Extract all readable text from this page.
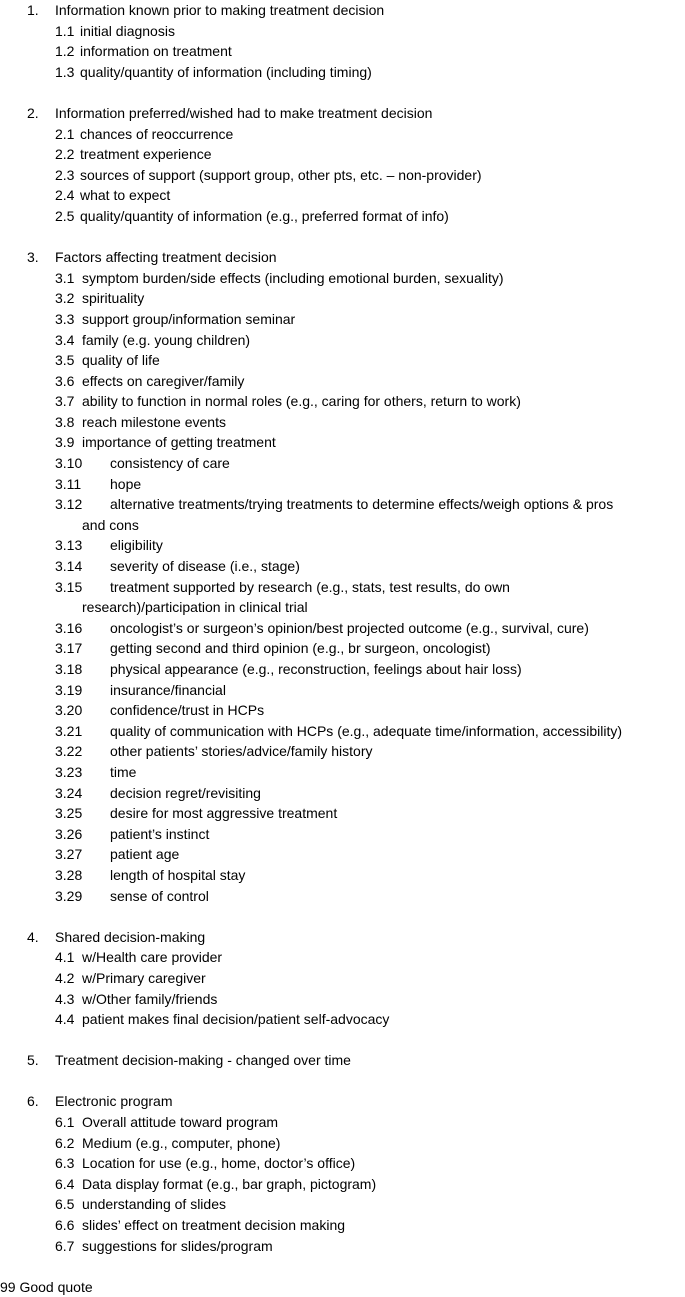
1. Information known prior to making treatment decision
1.1 initial diagnosis
1.2 information on treatment
1.3 quality/quantity of information (including timing)
2. Information preferred/wished had to make treatment decision
2.1 chances of reoccurrence
2.2 treatment experience
2.3 sources of support (support group, other pts, etc. – non-provider)
2.4 what to expect
2.5 quality/quantity of information (e.g., preferred format of info)
3. Factors affecting treatment decision
3.1 symptom burden/side effects (including emotional burden, sexuality)
3.2 spirituality
3.3 support group/information seminar
3.4 family (e.g. young children)
3.5 quality of life
3.6 effects on caregiver/family
3.7 ability to function in normal roles (e.g., caring for others, return to work)
3.8 reach milestone events
3.9 importance of getting treatment
3.10 consistency of care
3.11 hope
3.12 alternative treatments/trying treatments to determine effects/weigh options & pros
and cons
3.13 eligibility
3.14 severity of disease (i.e., stage)
3.15 treatment supported by research (e.g., stats, test results, do own
research)/participation in clinical trial
3.16 oncologist’s or surgeon’s opinion/best projected outcome (e.g., survival, cure)
3.17 getting second and third opinion (e.g., br surgeon, oncologist)
3.18 physical appearance (e.g., reconstruction, feelings about hair loss)
3.19 insurance/financial
3.20 confidence/trust in HCPs
3.21 quality of communication with HCPs (e.g., adequate time/information, accessibility)
3.22 other patients’ stories/advice/family history
3.23 time
3.24 decision regret/revisiting
3.25 desire for most aggressive treatment
3.26 patient’s instinct
3.27 patient age
3.28 length of hospital stay
3.29 sense of control
4. Shared decision-making
4.1 w/Health care provider
4.2 w/Primary caregiver
4.3 w/Other family/friends
4.4 patient makes final decision/patient self-advocacy
5. Treatment decision-making - changed over time
6. Electronic program
6.1 Overall attitude toward program
6.2 Medium (e.g., computer, phone)
6.3 Location for use (e.g., home, doctor’s office)
6.4 Data display format (e.g., bar graph, pictogram)
6.5 understanding of slides
6.6 slides’ effect on treatment decision making
6.7 suggestions for slides/program
99 Good quote
